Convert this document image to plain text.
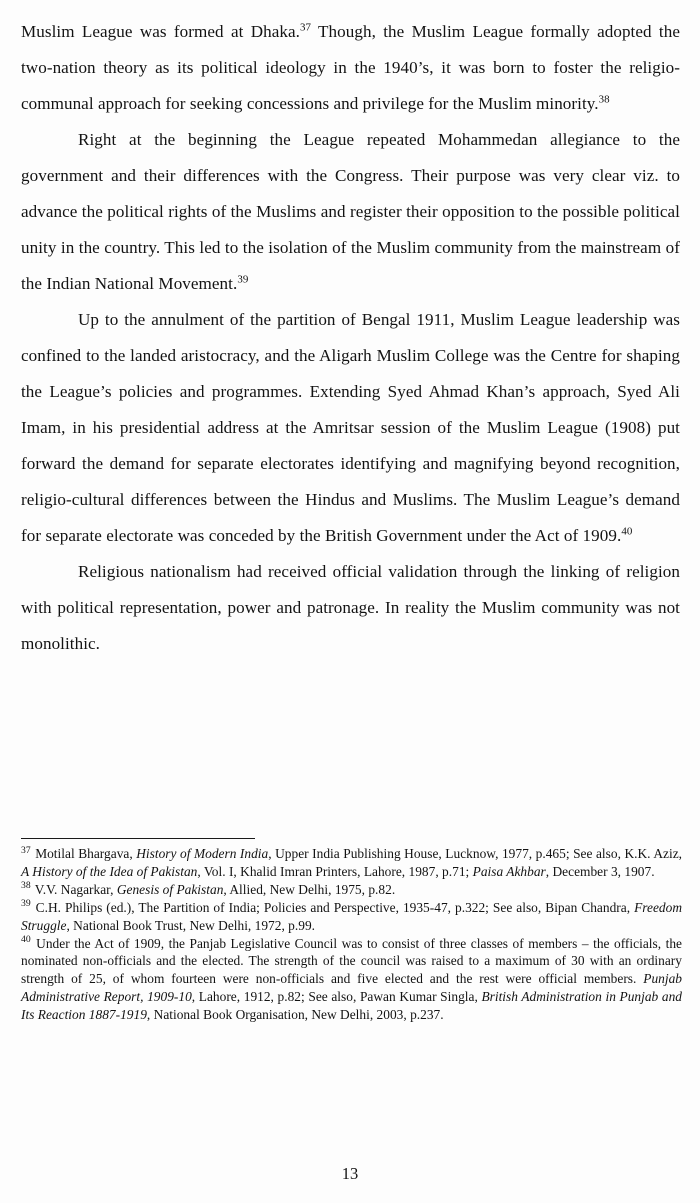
Muslim League was formed at Dhaka.$^{37}$ Though, the Muslim League formally adopted the two-nation theory as its political ideology in the 1940’s, it was born to foster the religio-communal approach for seeking concessions and privilege for the Muslim minority.$^{38}$

Right at the beginning the League repeated Mohammedan allegiance to the government and their differences with the Congress. Their purpose was very clear viz. to advance the political rights of the Muslims and register their opposition to the possible political unity in the country. This led to the isolation of the Muslim community from the mainstream of the Indian National Movement.$^{39}$

Up to the annulment of the partition of Bengal 1911, Muslim League leadership was confined to the landed aristocracy, and the Aligarh Muslim College was the Centre for shaping the League’s policies and programmes. Extending Syed Ahmad Khan’s approach, Syed Ali Imam, in his presidential address at the Amritsar session of the Muslim League (1908) put forward the demand for separate electorates identifying and magnifying beyond recognition, religio-cultural differences between the Hindus and Muslims. The Muslim League’s demand for separate electorate was conceded by the British Government under the Act of 1909.40

Religious nationalism had received official validation through the linking of religion with political representation, power and patronage. In reality the Muslim community was not monolithic.

$^{37}$ Motilal Bhargava, History of Modern India, Upper India Publishing House, Lucknow, 1977, p.465; See also, K.K. Aziz, A History of the Idea of Pakistan, Vol. I, Khalid Imran Printers, Lahore, 1987, p.71; Paisa Akhbar, December 3, 1907.

$^{38}$ V.V. Nagarkar, Genesis of Pakistan, Allied, New Delhi, 1975, p.82.

$^{39}$ C.H. Philips (ed.), The Partition of India; Policies and Perspective, 1935-47, p.322; See also, Bipan Chandra, Freedom Struggle, National Book Trust, New Delhi, 1972, p.99.

$^{40}$ Under the Act of 1909, the Panjab Legislative Council was to consist of three classes of members – the officials, the nominated non-officials and the elected. The strength of the council was raised to a maximum of 30 with an ordinary strength of 25, of whom fourteen were non-officials and five elected and the rest were official members. Punjab Administrative Report, 1909-10, Lahore, 1912, p.82; See also, Pawan Kumar Singla, British Administration in Punjab and Its Reaction 1887-1919, National Book Organisation, New Delhi, 2003, p.237.

13
